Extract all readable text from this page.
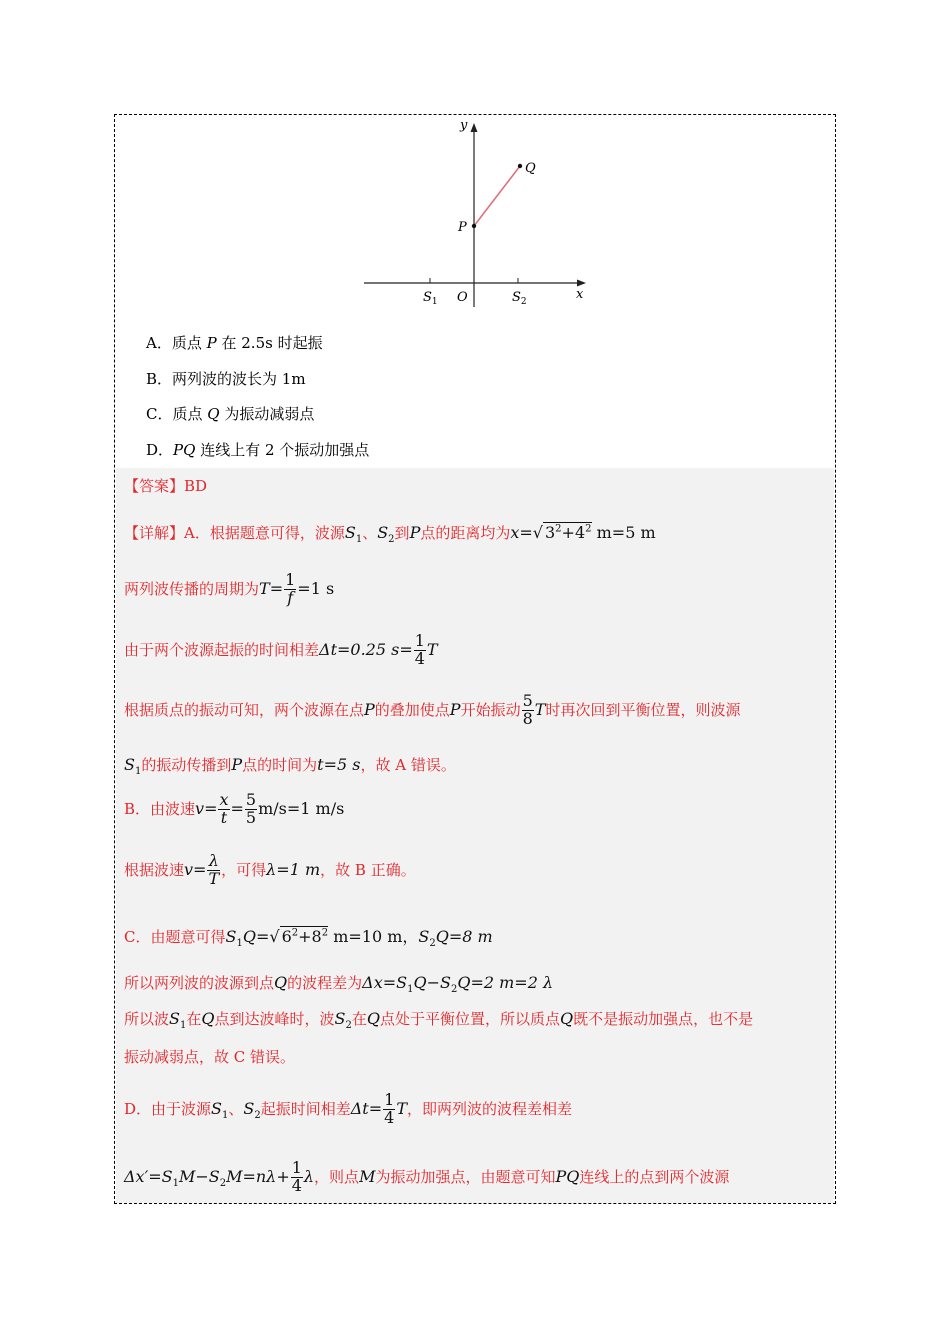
y
x
O
P
Q
$S_1$	$S_2$
A．质点 P 在 2.5s 时起振
B．两列波的波长为 1m
C．质点 Q 为振动减弱点
D．PQ 连线上有 2 个振动加强点
【答案】BD
【详解】A．根据题意可得，波源$S_1$、$S_2$到P点的距离均为x=√ $3^2+4^2$ m=5 m
两列波传播的周期为$T= \frac{1}{f} =1$ s
由于两个波源起振的时间相差Δt=0.25 $s= \frac{1}{4}$ T
根据质点的振动可知，两个波源在点P的叠加使点P开始振动 $\frac{5}{8}$ T时再次回到平衡位置，则波源
$S_1$的振动传播到P点的时间为t=5 s，故 A 错误。
B．由波速$v= \frac{x}{t} = \frac{5}{5} m/s=1$ m/s
根据波速$v= \frac{\lambda}{T}$ ，可得λ=1 m，故 B 正确。
C．由题意可得$S_1Q=√$ $6^2+8^2$ m=10 m，$S_2Q=8$ m
所以两列波的波源到点Q的波程差为$\Delta x=S_1Q-S_2Q=2$ m=2 λ
所以波$S_1$在Q点到达波峰时，波$S_2$在Q点处于平衡位置，所以质点Q既不是振动加强点，也不是
振动减弱点，故 C 错误。
D．由于波源$S_1$、$S_2$起振时间相差$\Delta t= \frac{1}{4}$ T，即两列波的波程差相差
$\Delta x'=S_1M-S_2M=n\lambda+ \frac{1}{4}$ λ，则点M为振动加强点，由题意可知PQ连线上的点到两个波源
